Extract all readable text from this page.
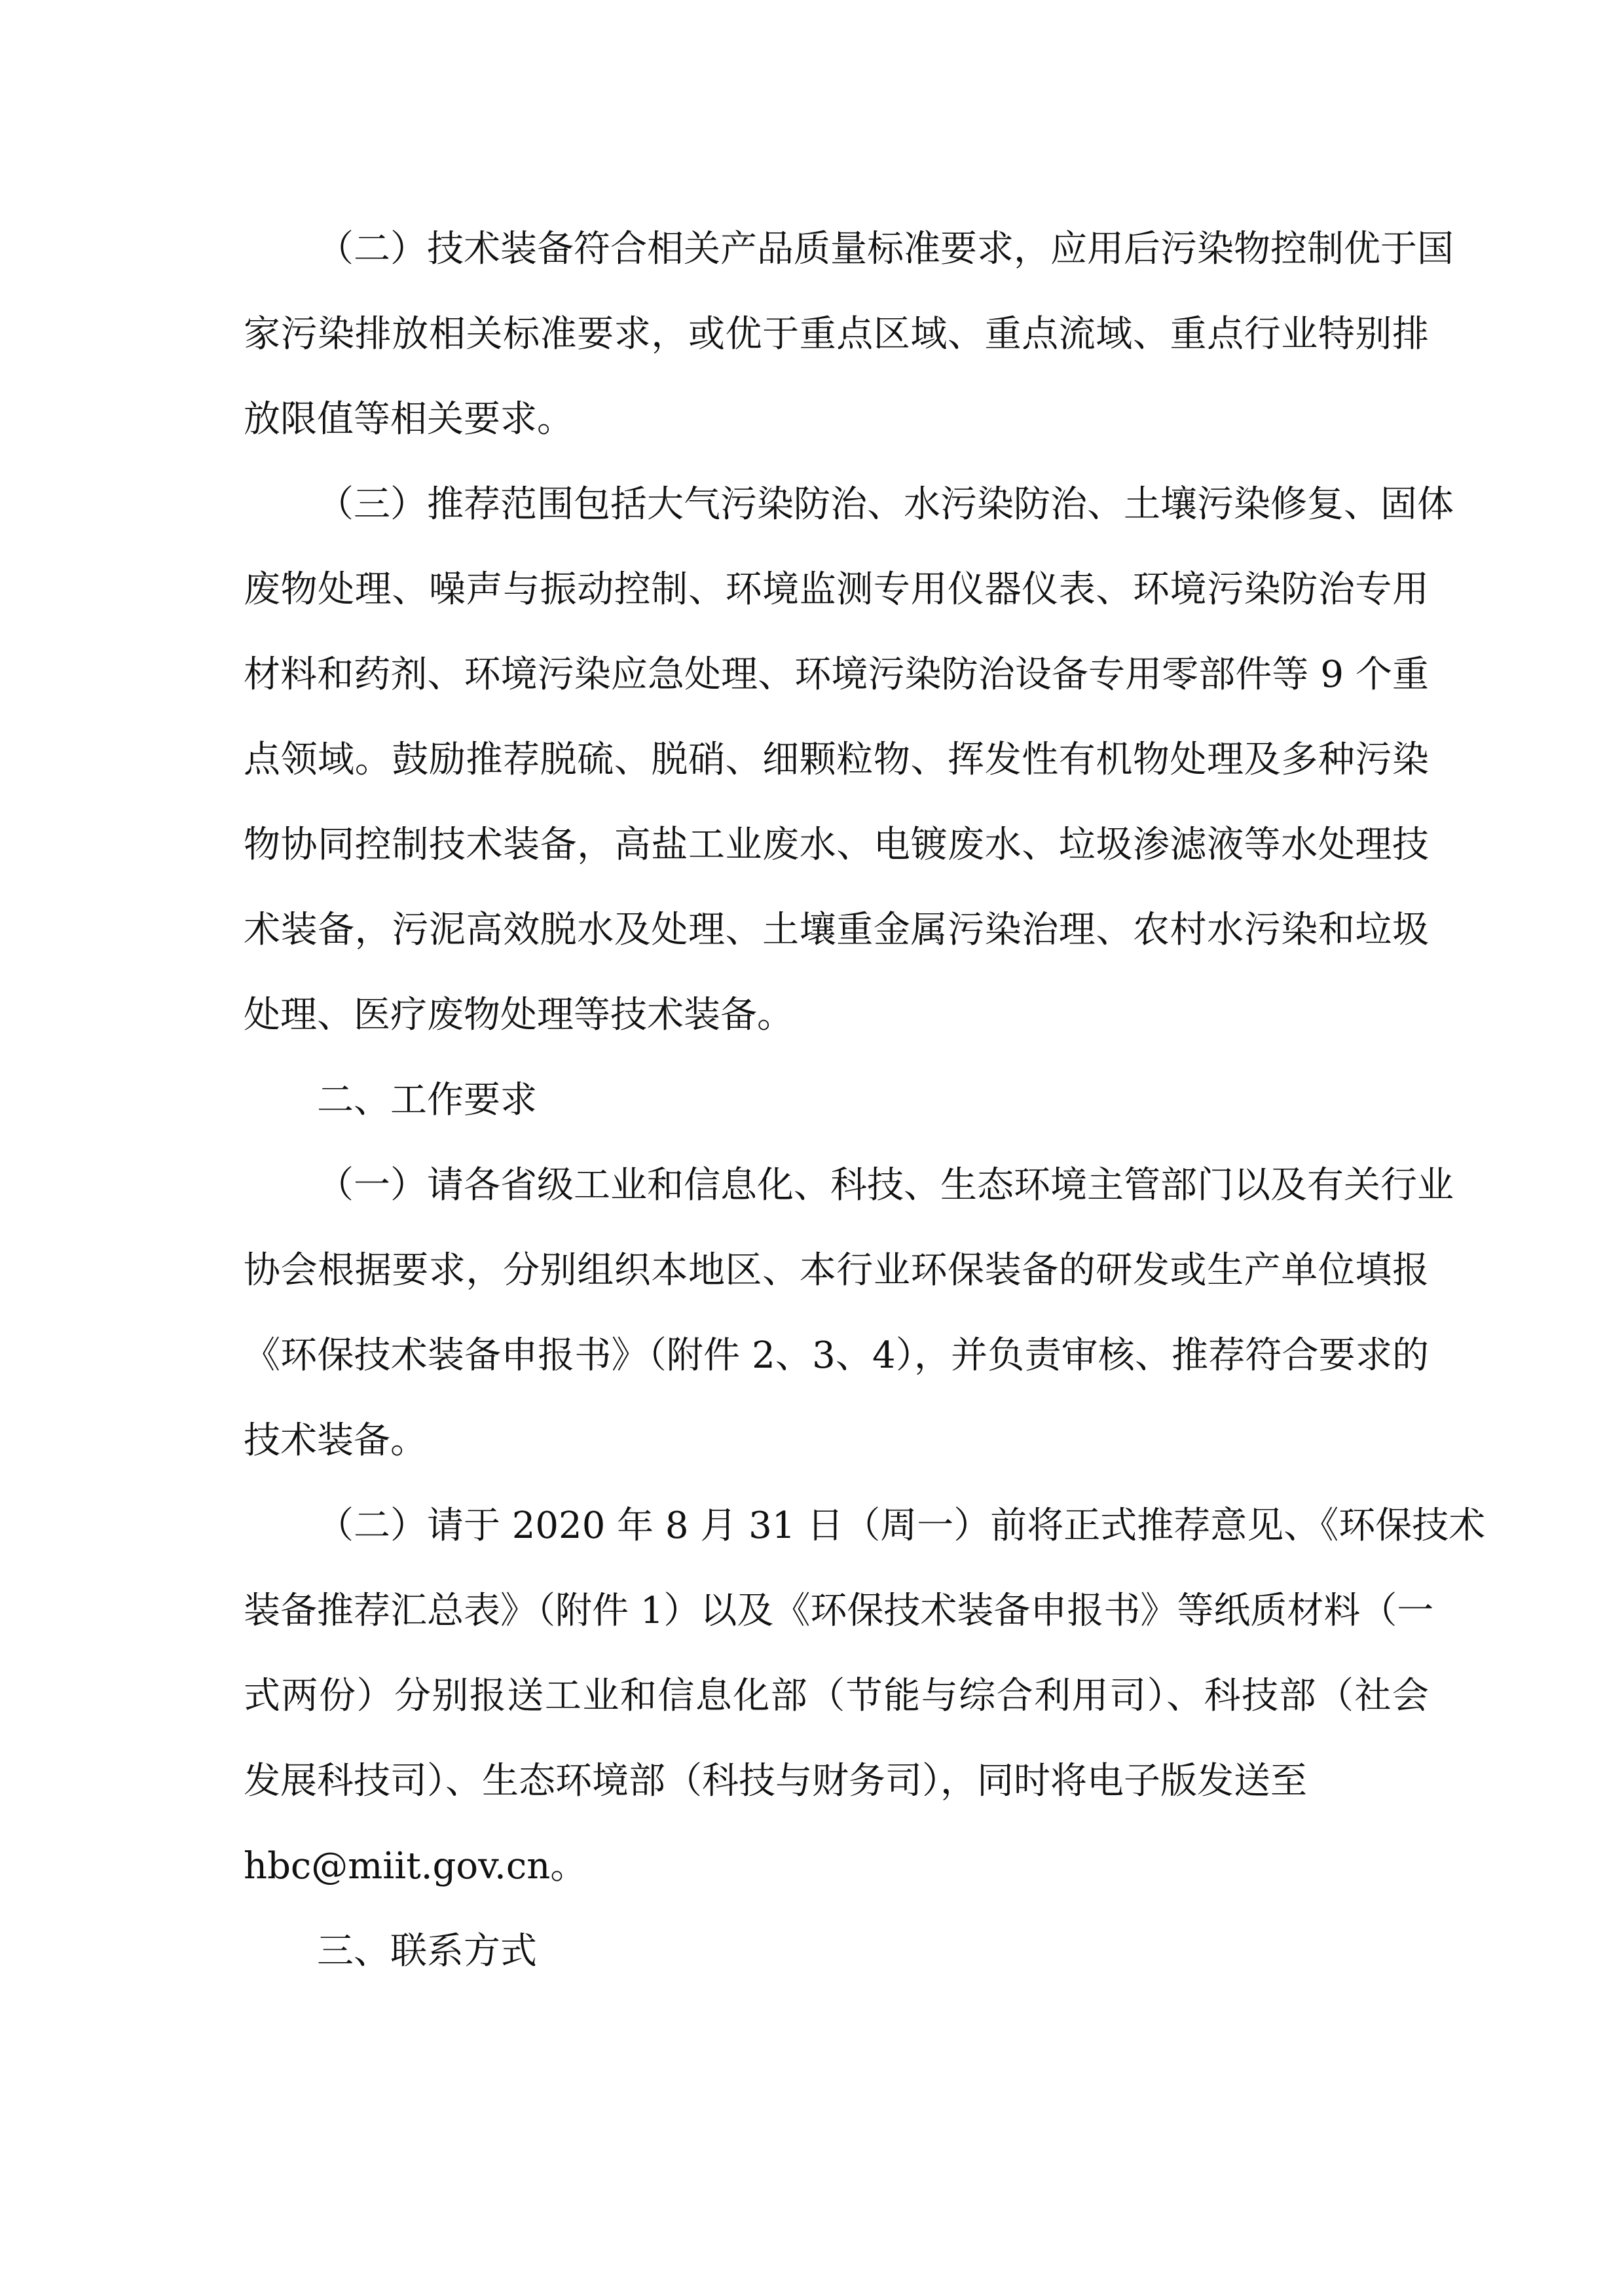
（二）技术装备符合相关产品质量标准要求，应用后污染物控制优于国
家污染排放相关标准要求，或优于重点区域、重点流域、重点行业特别排
放限值等相关要求。
（三）推荐范围包括大气污染防治、水污染防治、土壤污染修复、固体
废物处理、噪声与振动控制、环境监测专用仪器仪表、环境污染防治专用
材料和药剂、环境污染应急处理、环境污染防治设备专用零部件等 9 个重
点领域。鼓励推荐脱硫、脱硝、细颗粒物、挥发性有机物处理及多种污染
物协同控制技术装备，高盐工业废水、电镀废水、垃圾渗滤液等水处理技
术装备，污泥高效脱水及处理、土壤重金属污染治理、农村水污染和垃圾
处理、医疗废物处理等技术装备。
二、工作要求
（一）请各省级工业和信息化、科技、生态环境主管部门以及有关行业
协会根据要求，分别组织本地区、本行业环保装备的研发或生产单位填报
《环保技术装备申报书》（附件 2、3、4），并负责审核、推荐符合要求的
技术装备。
（二）请于 2020 年 8 月 31 日（周一）前将正式推荐意见、《环保技术
装备推荐汇总表》（附件 1）以及《环保技术装备申报书》等纸质材料（一
式两份）分别报送工业和信息化部（节能与综合利用司）、科技部（社会
发展科技司）、生态环境部（科技与财务司），同时将电子版发送至
hbc@miit.gov.cn。
三、联系方式
